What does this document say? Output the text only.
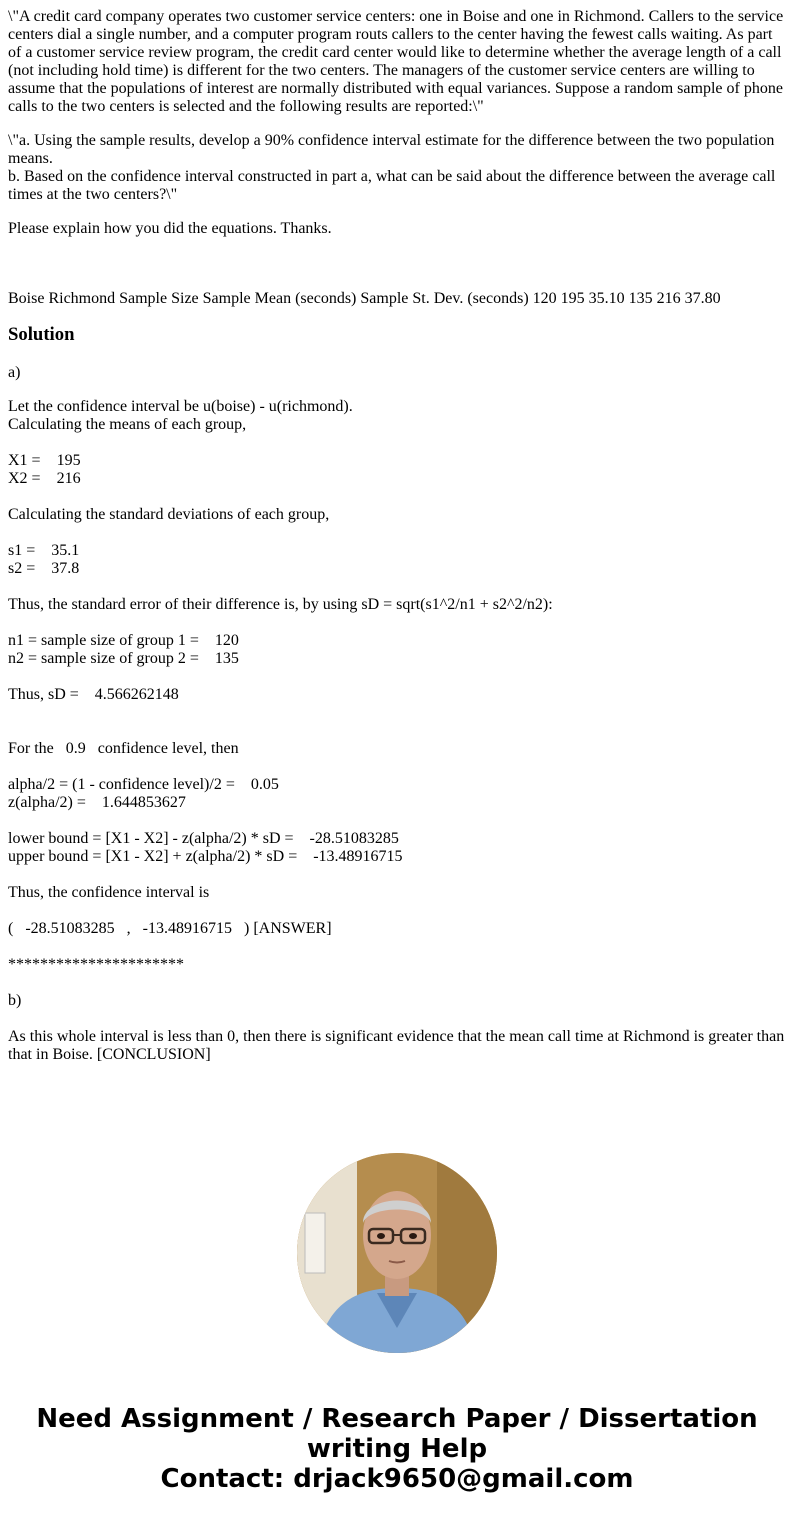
\"A credit card company operates two customer service centers: one in Boise and one in Richmond. Callers to the service centers dial a single number, and a computer program routs callers to the center having the fewest calls waiting. As part of a customer service review program, the credit card center would like to determine whether the average length of a call (not including hold time) is different for the two centers. The managers of the customer service centers are willing to assume that the populations of interest are normally distributed with equal variances. Suppose a random sample of phone calls to the two centers is selected and the following results are reported:\"

\"a. Using the sample results, develop a 90% confidence interval estimate for the difference between the two population means.
b. Based on the confidence interval constructed in part a, what can be said about the difference between the average call times at the two centers?\"

Please explain how you did the equations. Thanks.

Boise Richmond Sample Size Sample Mean (seconds) Sample St. Dev. (seconds) 120 195 35.10 135 216 37.80

Solution

a)

Let the confidence interval be u(boise) - u(richmond).
Calculating the means of each group,
X1 =    195
X2 =    216
Calculating the standard deviations of each group,
s1 =    35.1
s2 =    37.8
Thus, the standard error of their difference is, by using sD = sqrt(s1^2/n1 + s2^2/n2):
n1 = sample size of group 1 =    120
n2 = sample size of group 2 =    135
Thus, sD =    4.566262148
For the   0.9   confidence level, then
alpha/2 = (1 - confidence level)/2 =    0.05
z(alpha/2) =    1.644853627
lower bound = [X1 - X2] - z(alpha/2) * sD =    -28.51083285
upper bound = [X1 - X2] + z(alpha/2) * sD =    -13.48916715
Thus, the confidence interval is
(   -28.51083285   ,   -13.48916715   ) [ANSWER]
**********************
b)

As this whole interval is less than 0, then there is significant evidence that the mean call time at Richmond is greater than that in Boise. [CONCLUSION]

Need Assignment / Research Paper / Dissertation
writing Help
Contact: drjack9650@gmail.com
